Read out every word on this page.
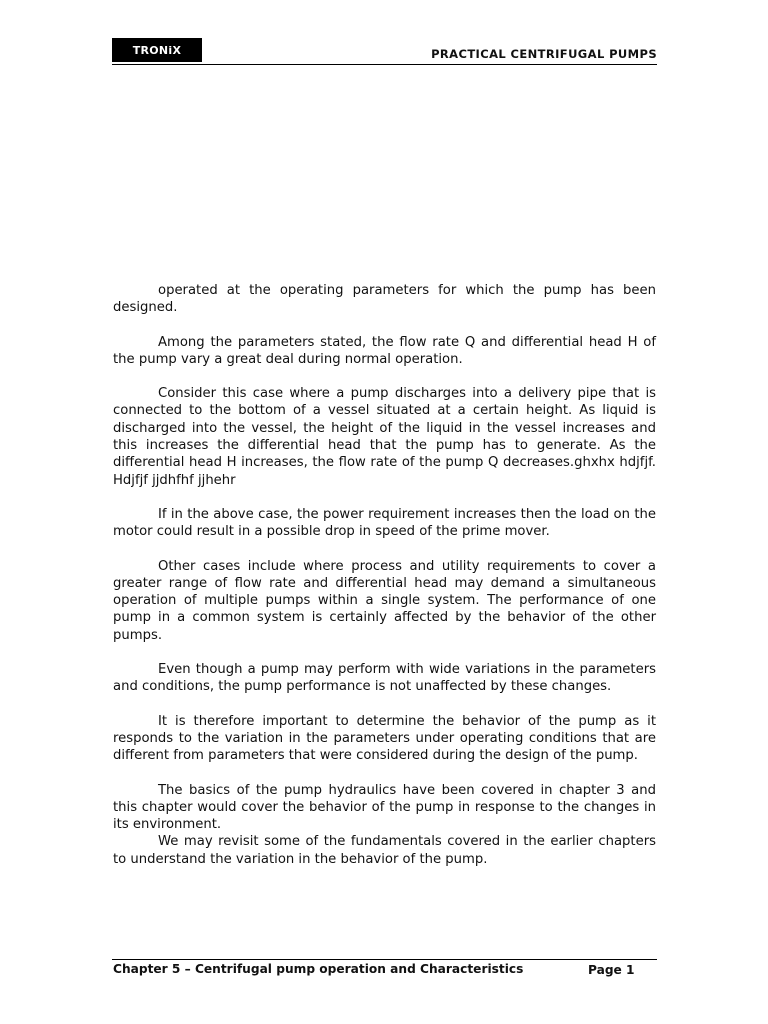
TRONiX	PRACTICAL CENTRIFUGAL PUMPS

operated at the operating parameters for which the pump has been designed.

Among the parameters stated, the flow rate Q and differential head H of the pump vary a great deal during normal operation.

Consider this case where a pump discharges into a delivery pipe that is connected to the bottom of a vessel situated at a certain height. As liquid is discharged into the vessel, the height of the liquid in the vessel increases and this increases the differential head that the pump has to generate. As the differential head H increases, the flow rate of the pump Q decreases.ghxhx hdjfjf. Hdjfjf jjdhfhf jjhehr

If in the above case, the power requirement increases then the load on the motor could result in a possible drop in speed of the prime mover.

Other cases include where process and utility requirements to cover a greater range of flow rate and differential head may demand a simultaneous operation of multiple pumps within a single system. The performance of one pump in a common system is certainly affected by the behavior of the other pumps.

Even though a pump may perform with wide variations in the parameters and conditions, the pump performance is not unaffected by these changes.

It is therefore important to determine the behavior of the pump as it responds to the variation in the parameters under operating conditions that are different from parameters that were considered during the design of the pump.

The basics of the pump hydraulics have been covered in chapter 3 and this chapter would cover the behavior of the pump in response to the changes in its environment.

We may revisit some of the fundamentals covered in the earlier chapters to understand the variation in the behavior of the pump.

Chapter 5 – Centrifugal pump operation and Characteristics	Page 1
